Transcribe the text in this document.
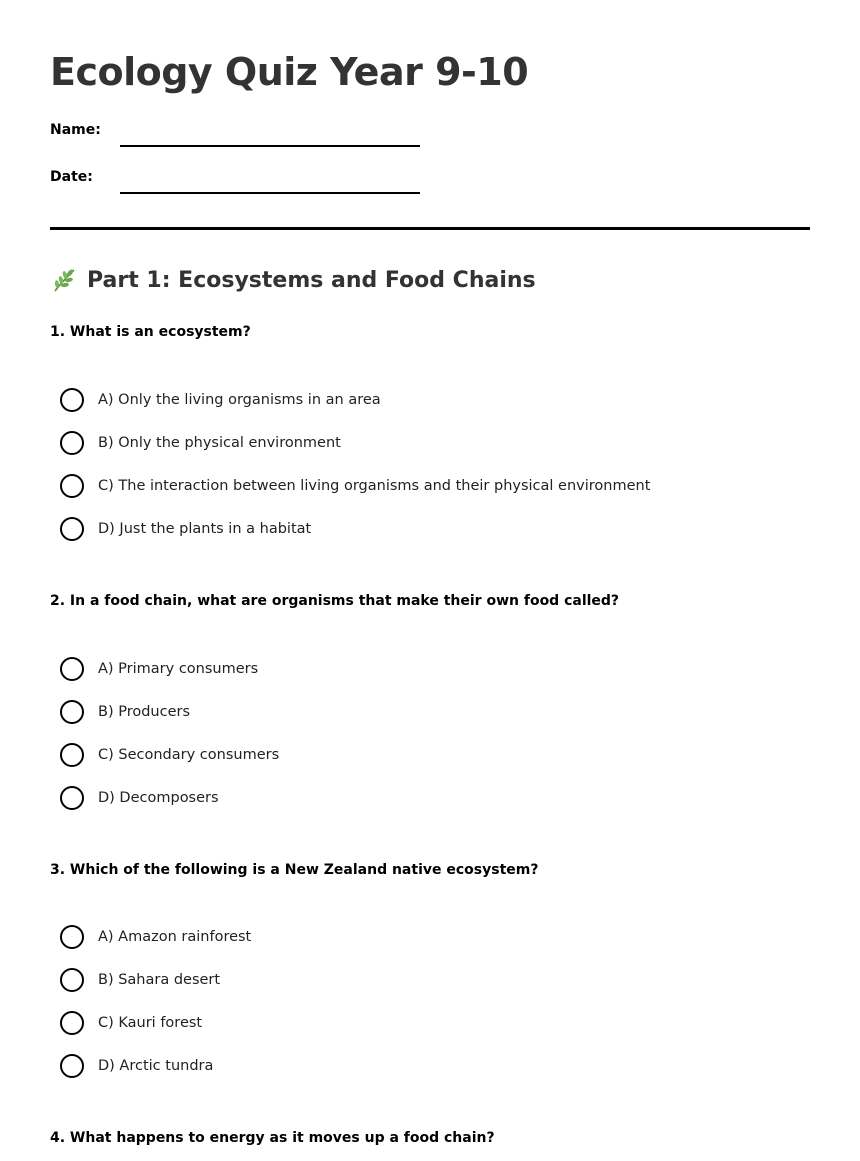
Ecology Quiz Year 9-10
Name:
Date:
Part 1: Ecosystems and Food Chains
1. What is an ecosystem?
A) Only the living organisms in an area
B) Only the physical environment
C) The interaction between living organisms and their physical environment
D) Just the plants in a habitat
2. In a food chain, what are organisms that make their own food called?
A) Primary consumers
B) Producers
C) Secondary consumers
D) Decomposers
3. Which of the following is a New Zealand native ecosystem?
A) Amazon rainforest
B) Sahara desert
C) Kauri forest
D) Arctic tundra
4. What happens to energy as it moves up a food chain?
